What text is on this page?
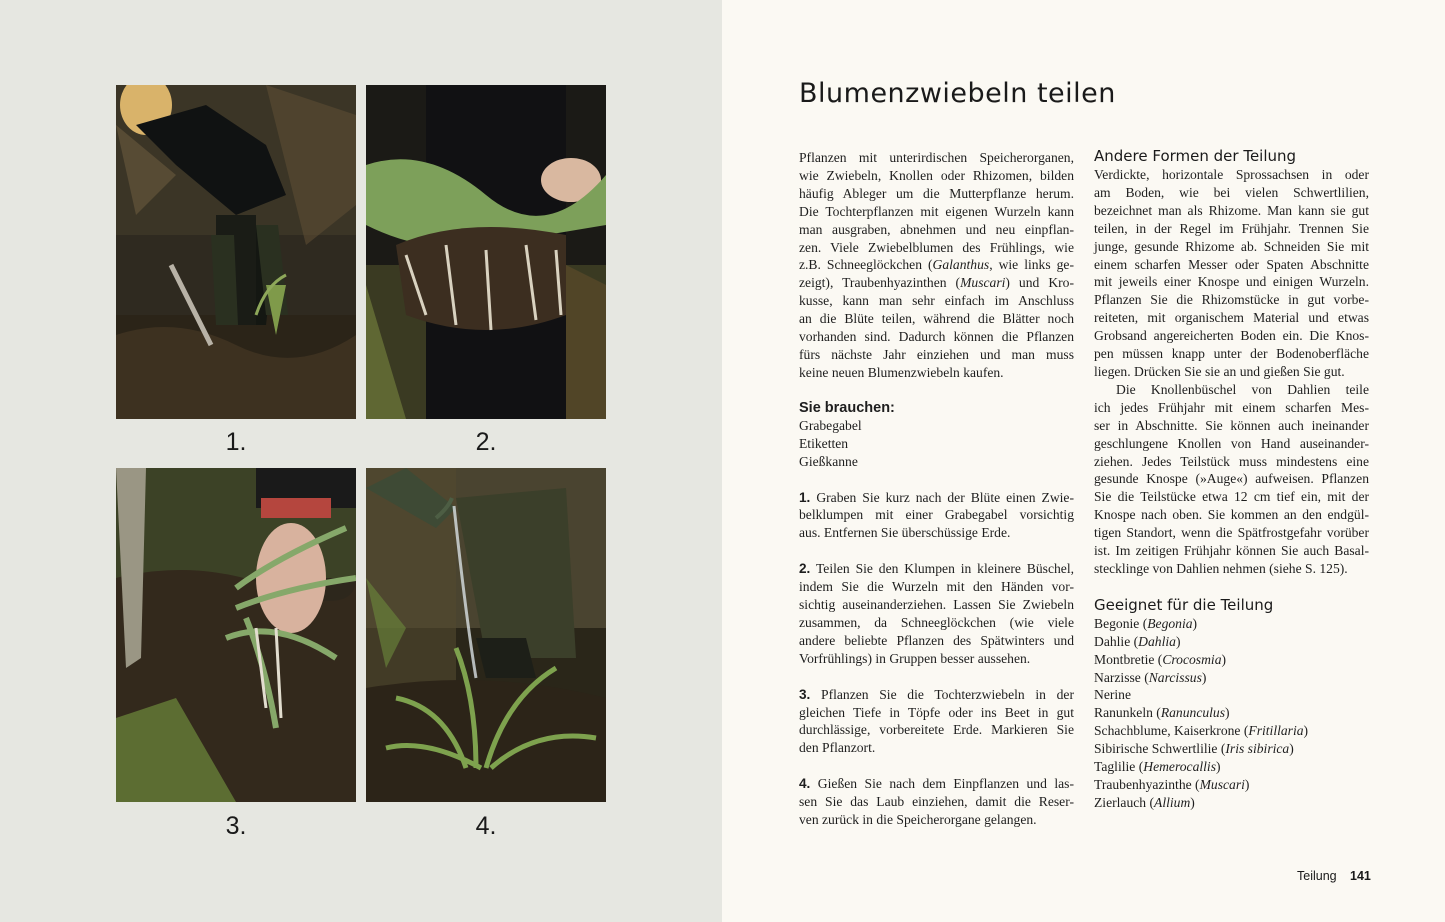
1.	2.
3.	4.
Blumenzwiebeln teilen
Pflanzen mit unterirdischen Speicherorganen,
wie Zwiebeln, Knollen oder Rhizomen, bilden
häufig Ableger um die Mutterpflanze herum.
Die Tochterpflanzen mit eigenen Wurzeln kann
man ausgraben, abnehmen und neu einpflan-
zen. Viele Zwiebelblumen des Frühlings, wie
z.B. Schneeglöckchen (Galanthus, wie links ge-
zeigt), Traubenhyazinthen (Muscari) und Kro-
kusse, kann man sehr einfach im Anschluss
an die Blüte teilen, während die Blätter noch
vorhanden sind. Dadurch können die Pflanzen
fürs nächste Jahr einziehen und man muss
keine neuen Blumenzwiebeln kaufen.
Sie brauchen:
Grabegabel
Etiketten
Gießkanne
1. Graben Sie kurz nach der Blüte einen Zwie-
belklumpen mit einer Grabegabel vorsichtig
aus. Entfernen Sie überschüssige Erde.
2. Teilen Sie den Klumpen in kleinere Büschel,
indem Sie die Wurzeln mit den Händen vor-
sichtig auseinanderziehen. Lassen Sie Zwiebeln
zusammen, da Schneeglöckchen (wie viele
andere beliebte Pflanzen des Spätwinters und
Vorfrühlings) in Gruppen besser aussehen.
3. Pflanzen Sie die Tochterzwiebeln in der
gleichen Tiefe in Töpfe oder ins Beet in gut
durchlässige, vorbereitete Erde. Markieren Sie
den Pflanzort.
4. Gießen Sie nach dem Einpflanzen und las-
sen Sie das Laub einziehen, damit die Reser-
ven zurück in die Speicherorgane gelangen.
Andere Formen der Teilung
Verdickte, horizontale Sprossachsen in oder
am Boden, wie bei vielen Schwertlilien,
bezeichnet man als Rhizome. Man kann sie gut
teilen, in der Regel im Frühjahr. Trennen Sie
junge, gesunde Rhizome ab. Schneiden Sie mit
einem scharfen Messer oder Spaten Abschnitte
mit jeweils einer Knospe und einigen Wurzeln.
Pflanzen Sie die Rhizomstücke in gut vorbe-
reiteten, mit organischem Material und etwas
Grobsand angereicherten Boden ein. Die Knos-
pen müssen knapp unter der Bodenoberfläche
liegen. Drücken Sie sie an und gießen Sie gut.
Die Knollenbüschel von Dahlien teile
ich jedes Frühjahr mit einem scharfen Mes-
ser in Abschnitte. Sie können auch ineinander
geschlungene Knollen von Hand auseinander-
ziehen. Jedes Teilstück muss mindestens eine
gesunde Knospe (»Auge«) aufweisen. Pflanzen
Sie die Teilstücke etwa 12 cm tief ein, mit der
Knospe nach oben. Sie kommen an den endgül-
tigen Standort, wenn die Spätfrostgefahr vorüber
ist. Im zeitigen Frühjahr können Sie auch Basal-
stecklinge von Dahlien nehmen (siehe S. 125).
Geeignet für die Teilung
Begonie (Begonia)
Dahlie (Dahlia)
Montbretie (Crocosmia)
Narzisse (Narcissus)
Nerine
Ranunkeln (Ranunculus)
Schachblume, Kaiserkrone (Fritillaria)
Sibirische Schwertlilie (Iris sibirica)
Taglilie (Hemerocallis)
Traubenhyazinthe (Muscari)
Zierlauch (Allium)
Teilung 141
